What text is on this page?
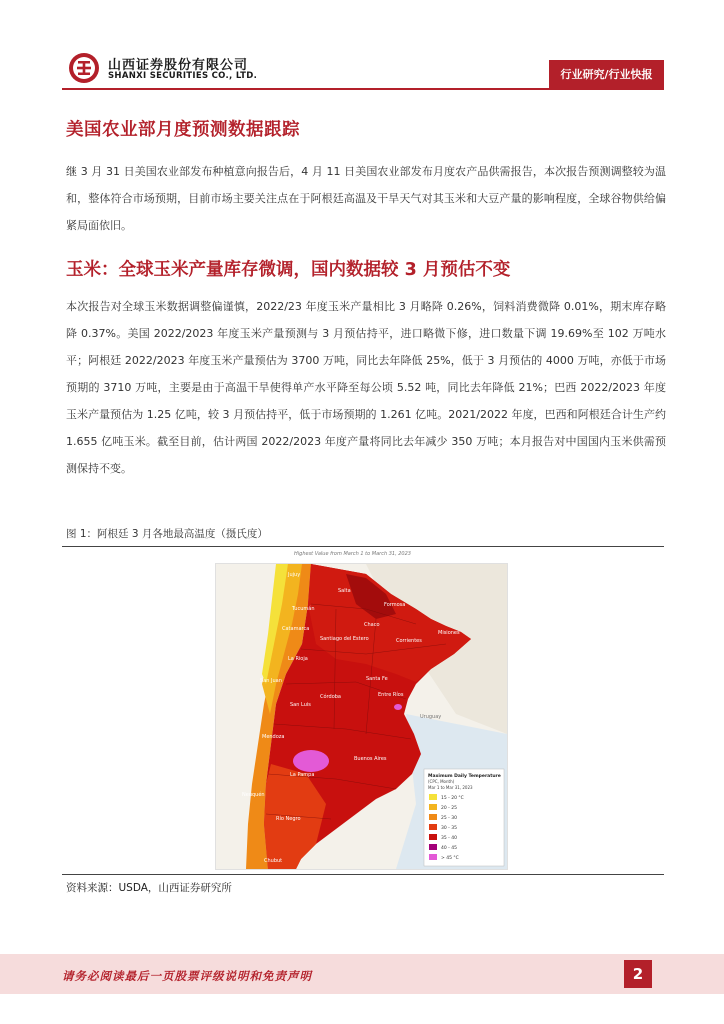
山西证券股份有限公司
SHANXI SECURITIES CO., LTD.	行业研究/行业快报
美国农业部月度预测数据跟踪
继 3 月 31 日美国农业部发布种植意向报告后，4 月 11 日美国农业部发布月度农产品供需报告，本次报告预测调整较为温和，整体符合市场预期，目前市场主要关注点在于阿根廷高温及干旱天气对其玉米和大豆产量的影响程度，全球谷物供给偏紧局面依旧。
玉米：全球玉米产量库存微调，国内数据较 3 月预估不变
本次报告对全球玉米数据调整偏谨慎，2022/23 年度玉米产量相比 3 月略降 0.26%，饲料消费微降 0.01%，期末库存略降 0.37%。美国 2022/2023 年度玉米产量预测与 3 月预估持平，进口略微下修，进口数量下调 19.69%至 102 万吨水平；阿根廷 2022/2023 年度玉米产量预估为 3700 万吨，同比去年降低 25%，低于 3 月预估的 4000 万吨，亦低于市场预期的 3710 万吨，主要是由于高温干旱使得单产水平降至每公顷 5.52 吨，同比去年降低 21%；巴西 2022/2023 年度玉米产量预估为 1.25 亿吨，较 3 月预估持平，低于市场预期的 1.261 亿吨。2021/2022 年度，巴西和阿根廷合计生产约 1.655 亿吨玉米。截至目前，估计两国 2022/2023 年度产量将同比去年减少 350 万吨；本月报告对中国国内玉米供需预测保持不变。
图 1：阿根廷 3 月各地最高温度（摄氏度）
Highest Value from March 1 to March 31, 2023
Jujuy
Salta
Formosa
Chaco
Tucumán
Catamarca
Santiago del Estero	Corrientes
Misiones
La Rioja
Santa Fe
San Juan
Córdoba	Entre Ríos
San Luis
Uruguay
Mendoza
Buenos Aires
La Pampa
Neuquén
Río Negro
Chubut
Maximum Daily Temperature
(CPC, Month)
Mar 1 to Mar 31, 2023
15 - 20 °C
20 - 25
25 - 30
30 - 35
35 - 40
40 - 45
> 45 °C
资料来源：USDA，山西证券研究所
请务必阅读最后一页股票评级说明和免责声明	2
